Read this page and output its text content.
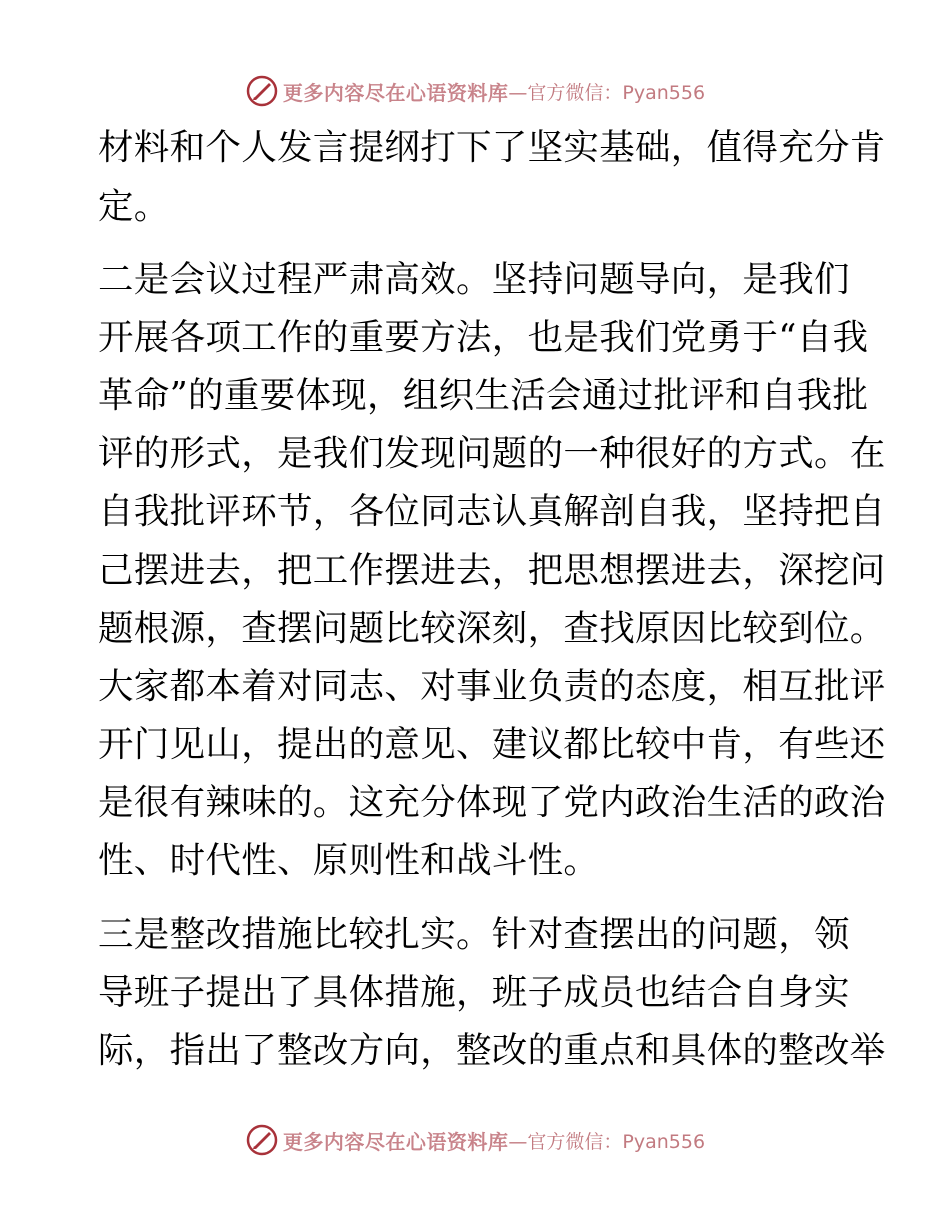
更多内容尽在心语资料库 —官方微信：Pyan556
材料和个人发言提纲打下了坚实基础，值得充分肯
定。
二是会议过程严肃高效。坚持问题导向，是我们
开展各项工作的重要方法，也是我们党勇于“自我
革命”的重要体现，组织生活会通过批评和自我批
评的形式，是我们发现问题的一种很好的方式。在
自我批评环节，各位同志认真解剖自我，坚持把自
己摆进去，把工作摆进去，把思想摆进去，深挖问
题根源，查摆问题比较深刻，查找原因比较到位。
大家都本着对同志、对事业负责的态度，相互批评
开门见山，提出的意见、建议都比较中肯，有些还
是很有辣味的。这充分体现了党内政治生活的政治
性、时代性、原则性和战斗性。
三是整改措施比较扎实。针对查摆出的问题，领
导班子提出了具体措施，班子成员也结合自身实
际，指出了整改方向，整改的重点和具体的整改举
更多内容尽在心语资料库 —官方微信：Pyan556
